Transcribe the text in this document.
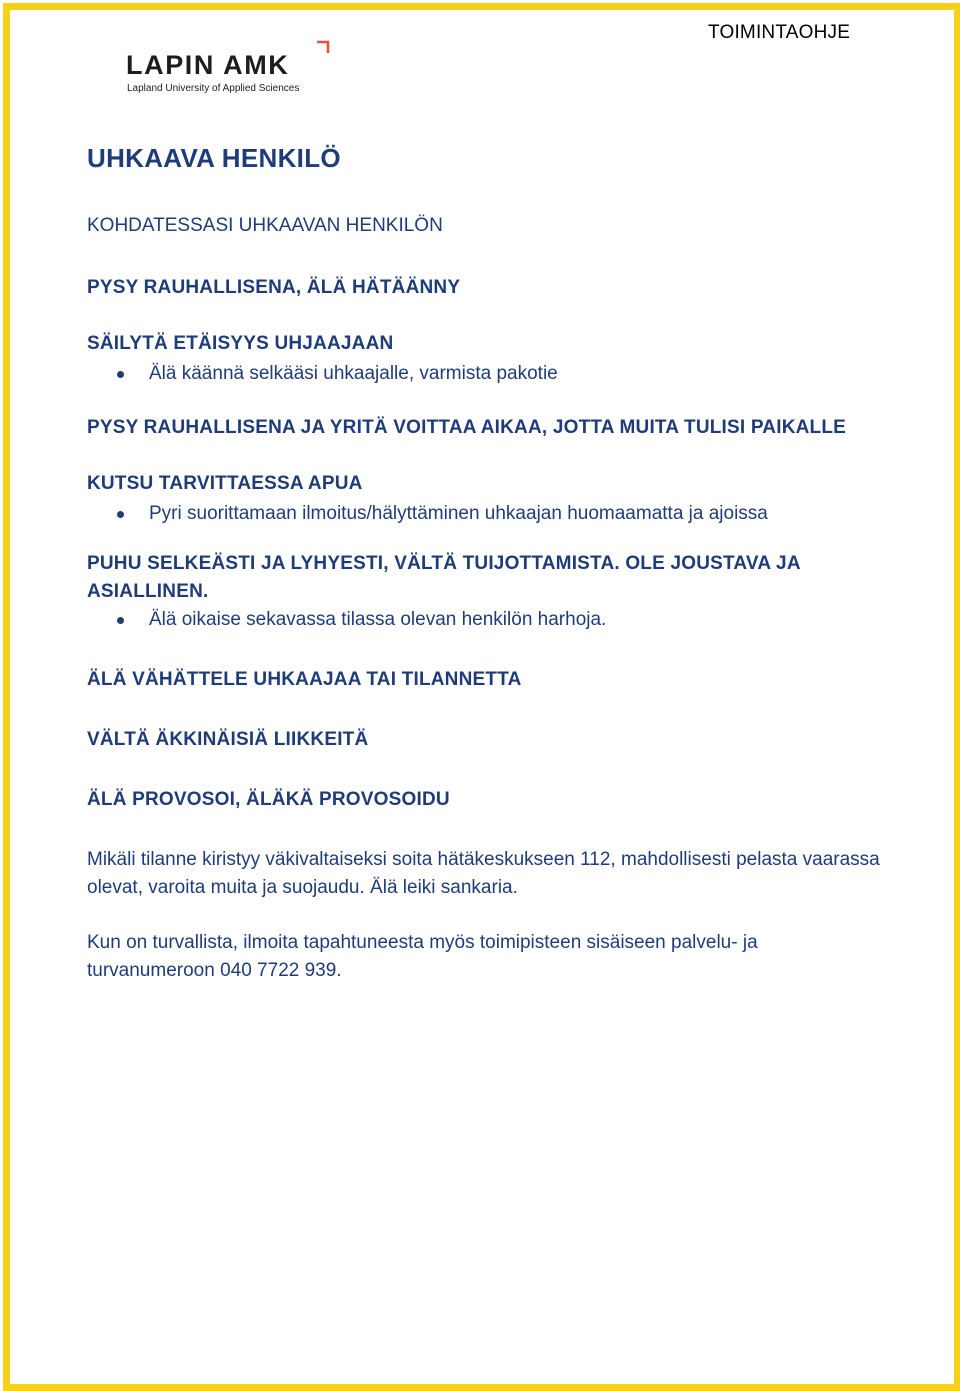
TOIMINTAOHJE
LAPIN AMK
Lapland University of Applied Sciences
UHKAAVA HENKILÖ
KOHDATESSASI UHKAAVAN HENKILÖN
PYSY RAUHALLISENA, ÄLÄ HÄTÄÄNNY
SÄILYTÄ ETÄISYYS UHJAAJAAN
Älä käännä selkääsi uhkaajalle, varmista pakotie
PYSY RAUHALLISENA JA YRITÄ VOITTAA AIKAA, JOTTA MUITA TULISI PAIKALLE
KUTSU TARVITTAESSA APUA
Pyri suorittamaan ilmoitus/hälyttäminen uhkaajan huomaamatta ja ajoissa
PUHU SELKEÄSTI JA LYHYESTI, VÄLTÄ TUIJOTTAMISTA. OLE JOUSTAVA JA ASIALLINEN.
Älä oikaise sekavassa tilassa olevan henkilön harhoja.
ÄLÄ VÄHÄTTELE UHKAAJAA TAI TILANNETTA
VÄLTÄ ÄKKINÄISIÄ LIIKKEITÄ
ÄLÄ PROVOSOI, ÄLÄKÄ PROVOSOIDU
Mikäli tilanne kiristyy väkivaltaiseksi soita hätäkeskukseen 112, mahdollisesti pelasta vaarassa olevat, varoita muita ja suojaudu. Älä leiki sankaria.
Kun on turvallista, ilmoita tapahtuneesta myös toimipisteen sisäiseen palvelu- ja turvanumeroon 040 7722 939.
